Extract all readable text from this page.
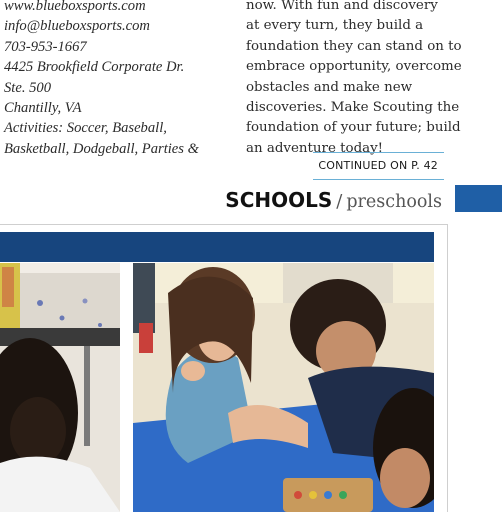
www.blueboxsports.com
info@blueboxsports.com
703-953-1667
4425 Brookfield Corporate Dr.
Ste. 500
Chantilly, VA
Activities: Soccer, Baseball,
Basketball, Dodgeball, Parties &
now. With fun and discovery
at every turn, they build a
foundation they can stand on to
embrace opportunity, overcome
obstacles and make new
discoveries. Make Scouting the
foundation of your future; build
an adventure today!
CONTINUED ON P. 42
SCHOOLS / preschools
